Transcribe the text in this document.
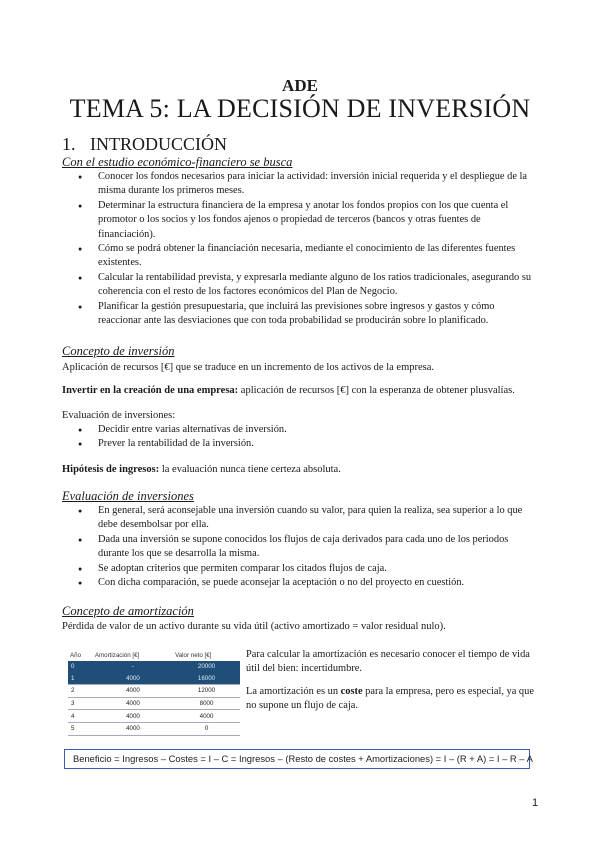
ADE
TEMA 5: LA DECISIÓN DE INVERSIÓN
1. INTRODUCCIÓN
Con el estudio económico-financiero se busca
● Conocer los fondos necesarios para iniciar la actividad: inversión inicial requerida y el despliegue de la misma durante los primeros meses.
● Determinar la estructura financiera de la empresa y anotar los fondos propios con los que cuenta el promotor o los socios y los fondos ajenos o propiedad de terceros (bancos y otras fuentes de financiación).
● Cómo se podrá obtener la financiación necesaria, mediante el conocimiento de las diferentes fuentes existentes.
● Calcular la rentabilidad prevista, y expresarla mediante alguno de los ratios tradicionales, asegurando su coherencia con el resto de los factores económicos del Plan de Negocio.
● Planificar la gestión presupuestaria, que incluirá las previsiones sobre ingresos y gastos y cómo reaccionar ante las desviaciones que con toda probabilidad se producirán sobre lo planificado.
Concepto de inversión
Aplicación de recursos [€] que se traduce en un incremento de los activos de la empresa.
Invertir en la creación de una empresa: aplicación de recursos [€] con la esperanza de obtener plusvalías.
Evaluación de inversiones:
● Decidir entre varias alternativas de inversión.
● Prever la rentabilidad de la inversión.
Hipótesis de ingresos: la evaluación nunca tiene certeza absoluta.
Evaluación de inversiones
● En general, será aconsejable una inversión cuando su valor, para quien la realiza, sea superior a lo que debe desembolsar por ella.
● Dada una inversión se supone conocidos los flujos de caja derivados para cada uno de los periodos durante los que se desarrolla la misma.
● Se adoptan criterios que permiten comparar los citados flujos de caja.
● Con dicha comparación, se puede aconsejar la aceptación o no del proyecto en cuestión.
Concepto de amortización
Pérdida de valor de un activo durante su vida útil (activo amortizado = valor residual nulo).
Año	Amortización [€]	Valor neto [€]
0	-	20000
1	4000	16000
2	4000	12000
3	4000	8000
4	4000	4000
5	4000	0
Para calcular la amortización es necesario conocer el tiempo de vida útil del bien: incertidumbre.
La amortización es un coste para la empresa, pero es especial, ya que no supone un flujo de caja.
Beneficio = Ingresos – Costes = I – C = Ingresos – (Resto de costes + Amortizaciones) = I – (R + A) = I – R – A
1
